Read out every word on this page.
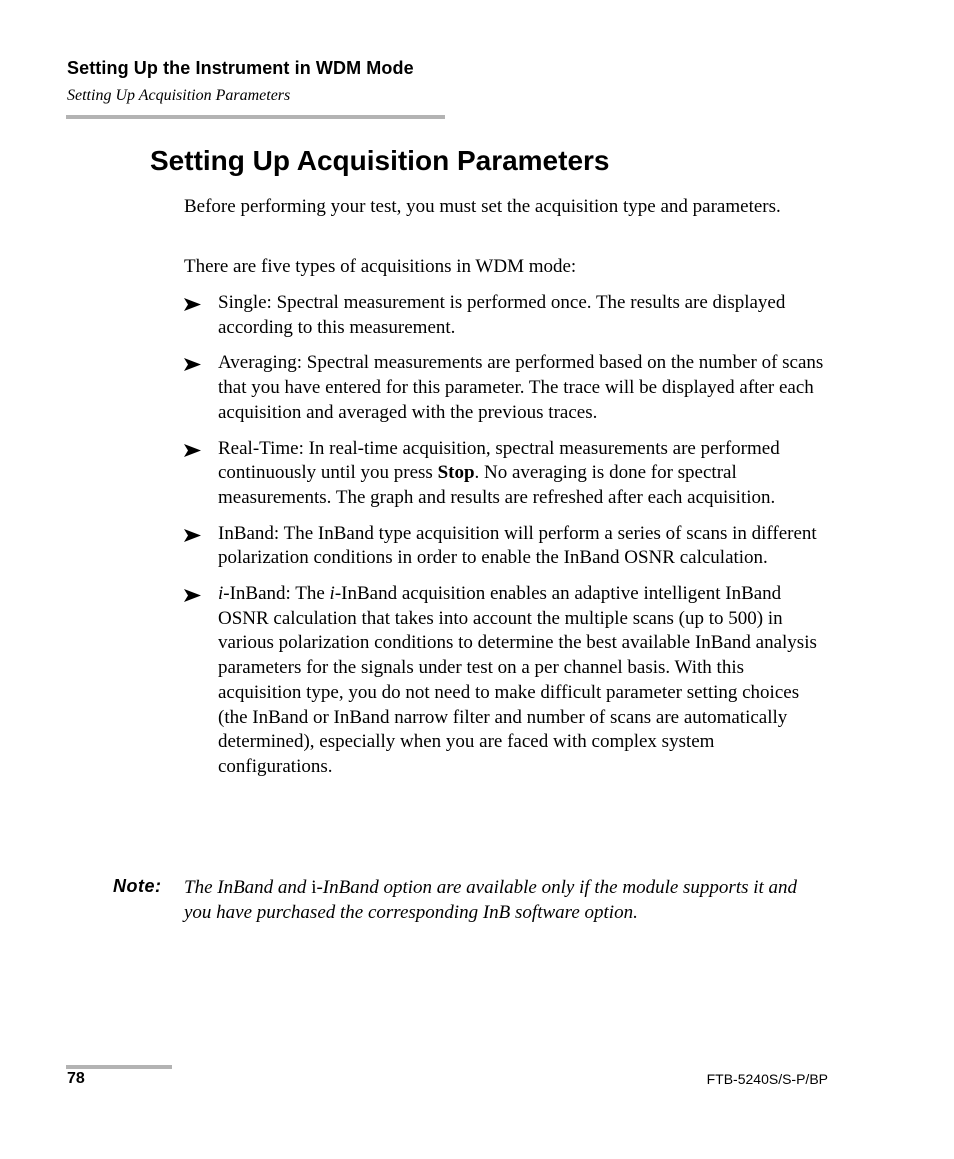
Setting Up the Instrument in WDM Mode
Setting Up Acquisition Parameters
Setting Up Acquisition Parameters

Before performing your test, you must set the acquisition type and parameters.

There are five types of acquisitions in WDM mode:

Single: Spectral measurement is performed once. The results are displayed according to this measurement.
Averaging: Spectral measurements are performed based on the number of scans that you have entered for this parameter. The trace will be displayed after each acquisition and averaged with the previous traces.
Real-Time: In real-time acquisition, spectral measurements are performed continuously until you press Stop. No averaging is done for spectral measurements. The graph and results are refreshed after each acquisition.
InBand: The InBand type acquisition will perform a series of scans in different polarization conditions in order to enable the InBand OSNR calculation.
i-InBand: The i-InBand acquisition enables an adaptive intelligent InBand OSNR calculation that takes into account the multiple scans (up to 500) in various polarization conditions to determine the best available InBand analysis parameters for the signals under test on a per channel basis. With this acquisition type, you do not need to make difficult parameter setting choices (the InBand or InBand narrow filter and number of scans are automatically determined), especially when you are faced with complex system configurations.
Note: The InBand and i-InBand option are available only if the module supports it and you have purchased the corresponding InB software option.

78	FTB-5240S/S-P/BP
